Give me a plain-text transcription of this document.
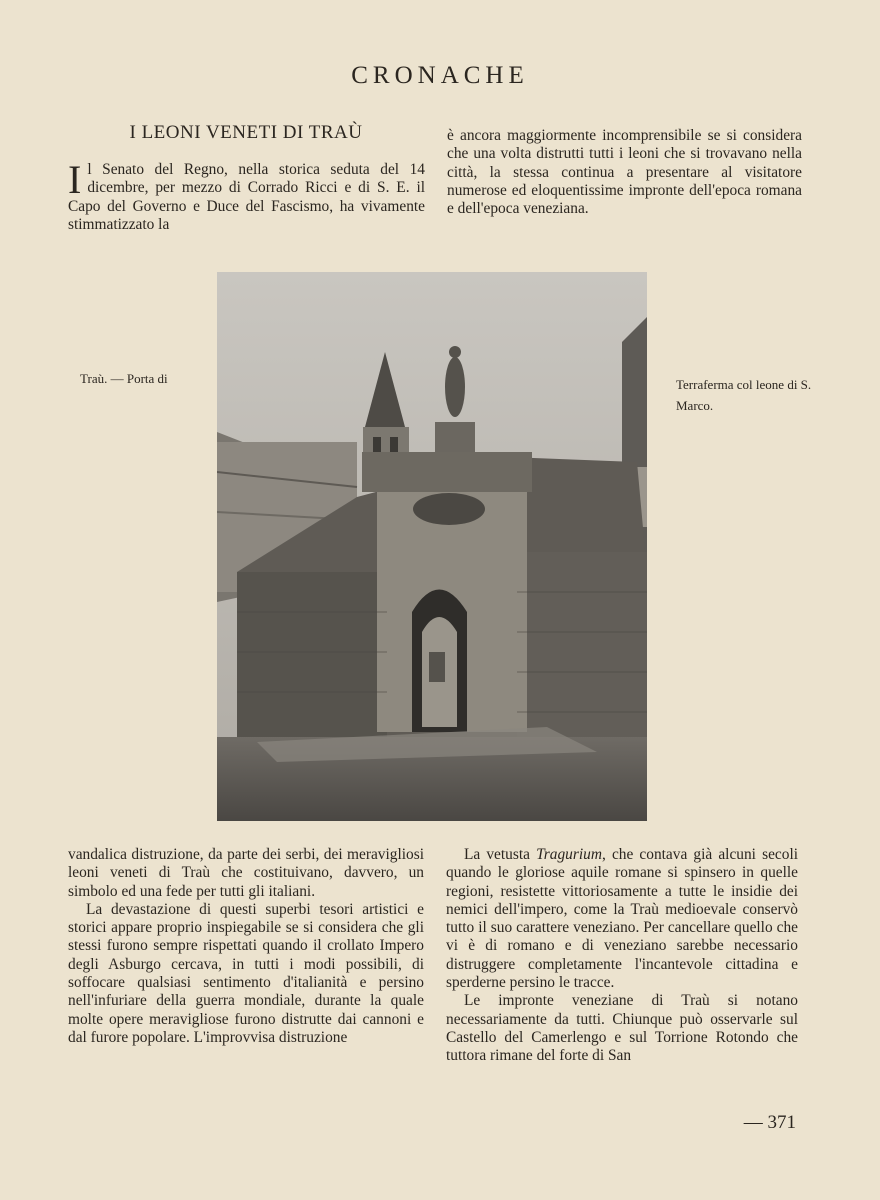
CRONACHE
I LEONI VENETI DI TRAÙ

Il Senato del Regno, nella storica seduta del 14 dicembre, per mezzo di Corrado Ricci e di S. E. il Capo del Governo e Duce del Fascismo, ha vivamente stimmatizzato la

è ancora maggiormente incomprensibile se si considera che una volta distrutti tutti i leoni che si trovavano nella città, la stessa continua a presentare al visitatore numerose ed eloquentissime impronte dell'epoca romana e dell'epoca veneziana.

Traù. — Porta di	Terraferma col leone di S. Marco.

vandalica distruzione, da parte dei serbi, dei meravigliosi leoni veneti di Traù che costituivano, davvero, un simbolo ed una fede per tutti gli italiani.

La devastazione di questi superbi tesori artistici e storici appare proprio inspiegabile se si considera che gli stessi furono sempre rispettati quando il crollato Impero degli Asburgo cercava, in tutti i modi possibili, di soffocare qualsiasi sentimento d'italianità e persino nell'infuriare della guerra mondiale, durante la quale molte opere meravigliose furono distrutte dai cannoni e dal furore popolare. L'improvvisa distruzione

La vetusta Tragurium, che contava già alcuni secoli quando le gloriose aquile romane si spinsero in quelle regioni, resistette vittoriosamente a tutte le insidie dei nemici dell'impero, come la Traù medioevale conservò tutto il suo carattere veneziano. Per cancellare quello che vi è di romano e di veneziano sarebbe necessario distruggere completamente l'incantevole cittadina e sperderne persino le tracce.

Le impronte veneziane di Traù si notano necessariamente da tutti. Chiunque può osservarle sul Castello del Camerlengo e sul Torrione Rotondo che tuttora rimane del forte di San

— 371
